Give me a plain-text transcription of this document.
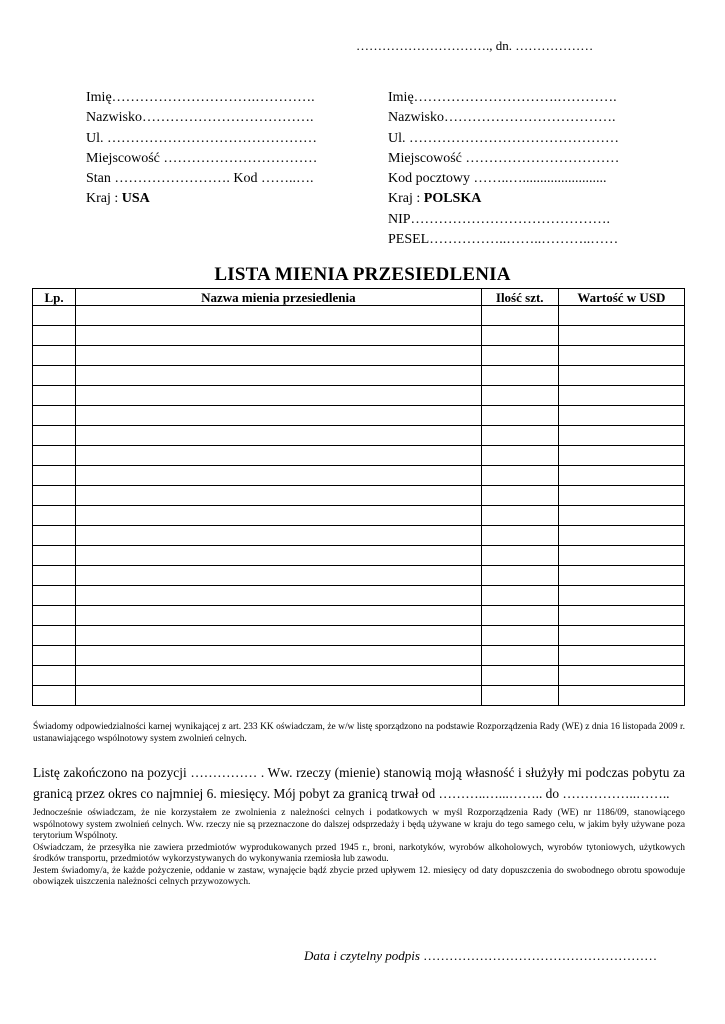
…………………………., dn. ………………
Imię………………………….………….
Nazwisko……………………………….
Ul. ………………………………………
Miejscowość ……………………………
Stan ……………………. Kod ……..….
Kraj : USA
Imię………………………….………….
Nazwisko……………………………….
Ul. ………………………………………
Miejscowość ……………………………
Kod pocztowy ……..…........................
Kraj : POLSKA
NIP…………………………………….
PESEL……………..……..………..……
LISTA MIENIA PRZESIEDLENIA
Lp.	Nazwa mienia przesiedlenia	Ilość szt.	Wartość w USD

Świadomy odpowiedzialności karnej wynikającej z art. 233 KK oświadczam, że w/w listę sporządzono na podstawie Rozporządzenia Rady (WE) z dnia 16 listopada 2009 r. ustanawiającego wspólnotowy system zwolnień celnych.
Listę zakończono na pozycji …………… . Ww. rzeczy (mienie) stanowią moją własność i służyły mi podczas pobytu za granicą przez okres co najmniej 6. miesięcy. Mój pobyt za granicą trwał od ………..…...…….. do ……………..……..

Jednocześnie oświadczam, że nie korzystałem ze zwolnienia z należności celnych i podatkowych w myśl Rozporządzenia Rady (WE) nr 1186/09, stanowiącego wspólnotowy system zwolnień celnych. Ww. rzeczy nie są przeznaczone do dalszej odsprzedaży i będą używane w kraju do tego samego celu, w jakim były używane poza terytorium Wspólnoty.

Oświadczam, że przesyłka nie zawiera przedmiotów wyprodukowanych przed 1945 r., broni, narkotyków, wyrobów alkoholowych, wyrobów tytoniowych, użytkowych środków transportu, przedmiotów wykorzystywanych do wykonywania rzemiosła lub zawodu.

Jestem świadomy/a, że każde pożyczenie, oddanie w zastaw, wynajęcie bądź zbycie przed upływem 12. miesięcy od daty dopuszczenia do swobodnego obrotu spowoduje obowiązek uiszczenia należności celnych przywozowych.

Data i czytelny podpis ………………………………………………
